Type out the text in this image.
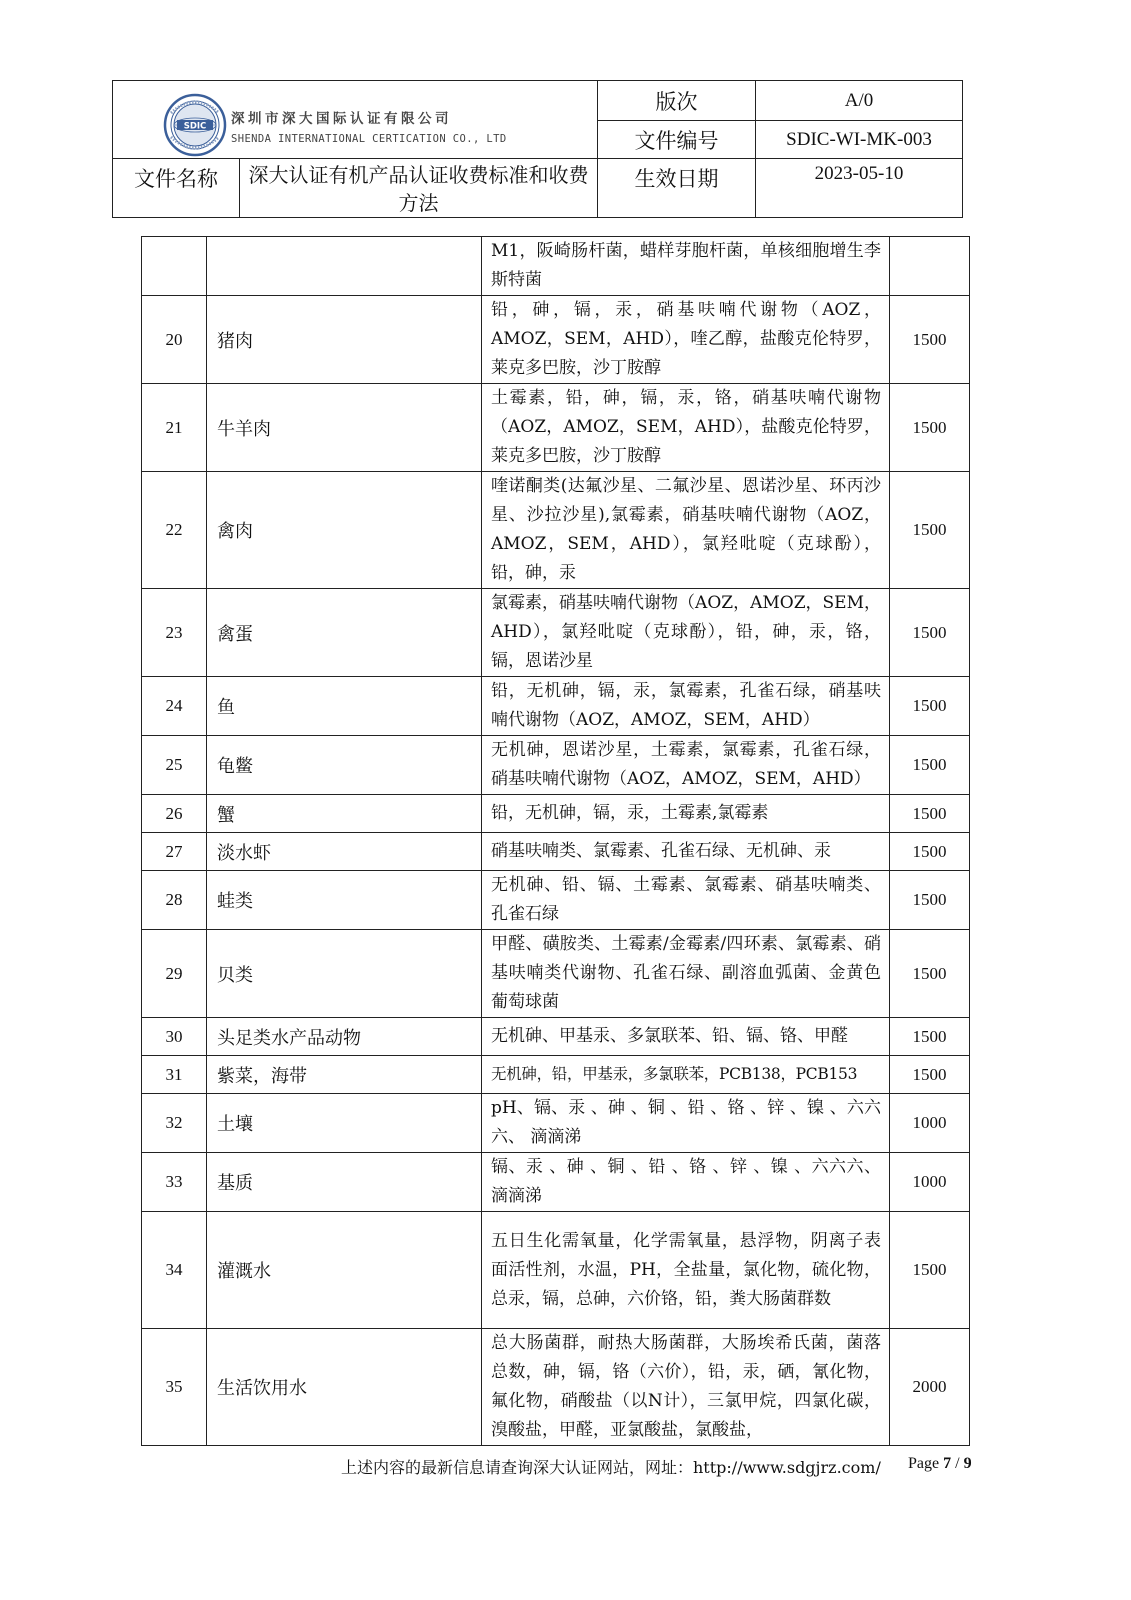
SDIC 深圳市深大国际认证有限公司
SHENDA INTERNATIONAL CERTICATION CO., LTD		版次	A/0
		文件编号	SDIC-WI-MK-003
文件名称	深大认证有机产品认证收费标准和收费方法	生效日期	2023-05-10
		M1，阪崎肠杆菌，蜡样芽胞杆菌，单核细胞增生李斯特菌	
20	猪肉	铅，砷，镉，汞，硝基呋喃代谢物（AOZ，AMOZ，SEM，AHD），喹乙醇，盐酸克伦特罗，莱克多巴胺，沙丁胺醇	1500
21	牛羊肉	土霉素，铅，砷，镉，汞，铬，硝基呋喃代谢物（AOZ，AMOZ，SEM，AHD），盐酸克伦特罗，莱克多巴胺，沙丁胺醇	1500
22	禽肉	喹诺酮类(达氟沙星、二氟沙星、恩诺沙星、环丙沙星、沙拉沙星),氯霉素，硝基呋喃代谢物（AOZ，AMOZ，SEM，AHD），氯羟吡啶（克球酚），铅，砷，汞	1500
23	禽蛋	氯霉素，硝基呋喃代谢物（AOZ，AMOZ，SEM，AHD），氯羟吡啶（克球酚），铅，砷，汞，铬，镉，恩诺沙星	1500
24	鱼	铅，无机砷，镉，汞，氯霉素，孔雀石绿，硝基呋喃代谢物（AOZ，AMOZ，SEM，AHD）	1500
25	龟鳖	无机砷，恩诺沙星，土霉素，氯霉素，孔雀石绿，硝基呋喃代谢物（AOZ，AMOZ，SEM，AHD）	1500
26	蟹	铅，无机砷，镉，汞，土霉素,氯霉素	1500
27	淡水虾	硝基呋喃类、氯霉素、孔雀石绿、无机砷、汞	1500
28	蛙类	无机砷、铅、镉、土霉素、氯霉素、硝基呋喃类、孔雀石绿	1500
29	贝类	甲醛、磺胺类、土霉素/金霉素/四环素、氯霉素、硝基呋喃类代谢物、孔雀石绿、副溶血弧菌、金黄色葡萄球菌	1500
30	头足类水产品动物	无机砷、甲基汞、多氯联苯、铅、镉、铬、甲醛	1500
31	紫菜，海带	无机砷，铅，甲基汞，多氯联苯，PCB138，PCB153	1500
32	土壤	pH、镉、汞 、砷 、铜 、铅 、铬 、锌 、镍 、六六六、 滴滴涕	1000
33	基质	镉、汞 、砷 、铜 、铅 、铬 、锌 、镍 、六六六、 滴滴涕	1000
34	灌溉水	五日生化需氧量，化学需氧量，悬浮物，阴离子表面活性剂，水温，PH，全盐量，氯化物，硫化物，总汞，镉，总砷，六价铬，铅，粪大肠菌群数	1500
35	生活饮用水	总大肠菌群，耐热大肠菌群，大肠埃希氏菌，菌落总数，砷，镉，铬（六价），铅，汞，硒，氰化物，氟化物，硝酸盐（以N计），三氯甲烷，四氯化碳，溴酸盐，甲醛，亚氯酸盐，氯酸盐，	2000
上述内容的最新信息请查询深大认证网站，网址：http://www.sdgjrz.com/ Page 7 / 9
